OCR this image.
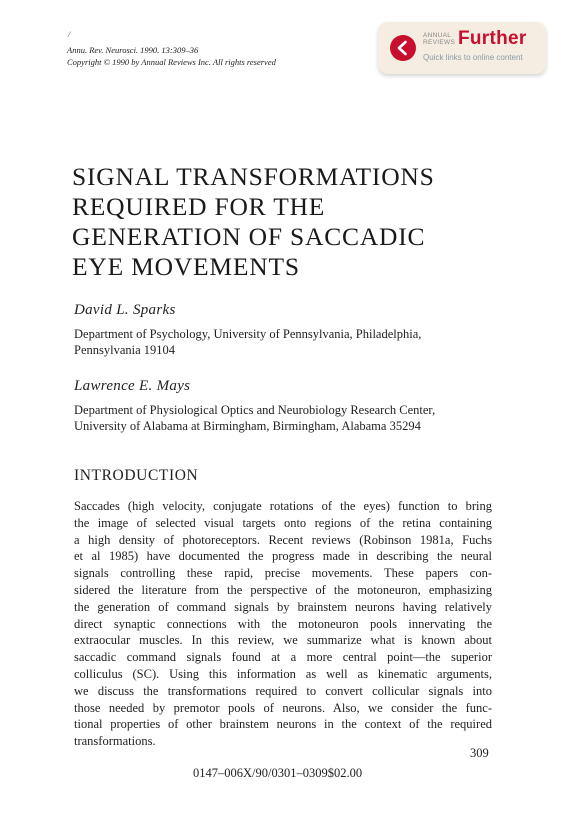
/
Annu. Rev. Neurosci. 1990. 13:309–36
Copyright © 1990 by Annual Reviews Inc. All rights reserved
ANNUAL
REVIEWS Further
Quick links to online content
SIGNAL TRANSFORMATIONS
REQUIRED FOR THE
GENERATION OF SACCADIC
EYE MOVEMENTS
David L. Sparks
Department of Psychology, University of Pennsylvania, Philadelphia,
Pennsylvania 19104
Lawrence E. Mays
Department of Physiological Optics and Neurobiology Research Center,
University of Alabama at Birmingham, Birmingham, Alabama 35294
INTRODUCTION
Saccades (high velocity, conjugate rotations of the eyes) function to bring
the image of selected visual targets onto regions of the retina containing
a high density of photoreceptors. Recent reviews (Robinson 1981a, Fuchs
et al 1985) have documented the progress made in describing the neural
signals controlling these rapid, precise movements. These papers con-
sidered the literature from the perspective of the motoneuron, emphasizing
the generation of command signals by brainstem neurons having relatively
direct synaptic connections with the motoneuron pools innervating the
extraocular muscles. In this review, we summarize what is known about
saccadic command signals found at a more central point—the superior
colliculus (SC). Using this information as well as kinematic arguments,
we discuss the transformations required to convert collicular signals into
those needed by premotor pools of neurons. Also, we consider the func-
tional properties of other brainstem neurons in the context of the required
transformations.
309
0147–006X/90/0301–0309$02.00
